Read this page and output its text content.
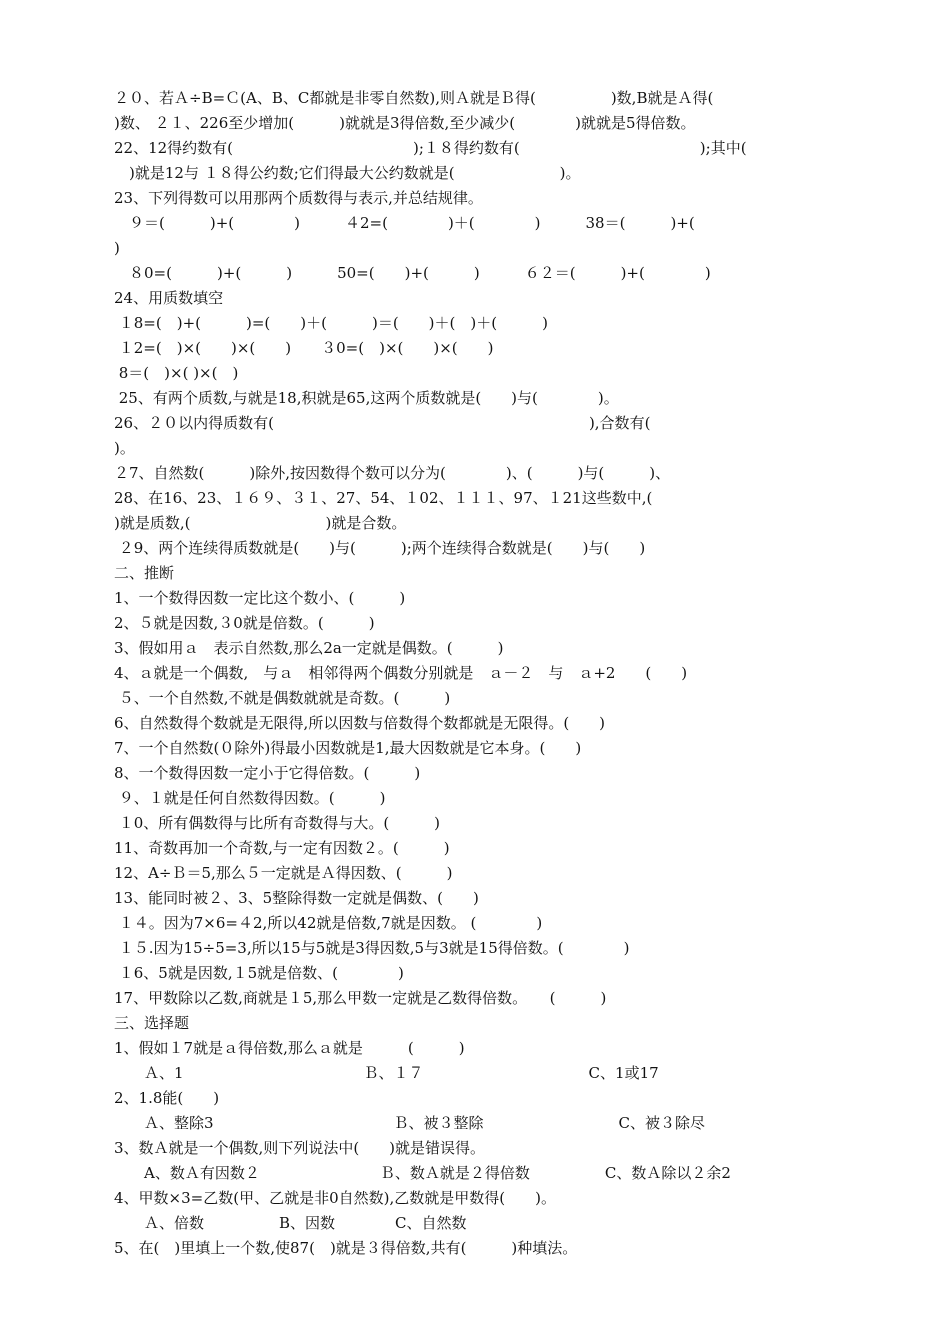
２０、若Ａ÷B=Ｃ(A、B、C都就是非零自然数),则Ａ就是Ｂ得(　　　　　)数,B就是Ａ得(
)数、 ２１、226至少增加(　　　)就就是3得倍数,至少减少(　　　　)就就是5得倍数。
22、12得约数有(　　　　　　　　　　　　);１８得约数有(　　　　　　　　　　　　);其中(
　)就是12与 １８得公约数;它们得最大公约数就是(　　　　　　　)。
23、下列得数可以用那两个质数得与表示,并总结规律。
　９＝(　　　)+(　　　　)　　　４2=(　　　　)＋(　　　　)　　　38＝(　　　)+(
)
　８0=(　　　)+(　　　)　　　50=(　　)+(　　　)　　　６２＝(　　　)+(　　　　)
24、用质数填空
１8=(　)+(　　　)=(　　)＋(　　　)＝(　　)＋(　)＋(　　　)
１2=(　)×(　　)×(　　)　　３0=(　)×(　　)×(　　)
8＝(　)×( )×(　)
25、有两个质数,与就是18,积就是65,这两个质数就是(　　)与(　　　　)。
26、２０以内得质数有(　　　　　　　　　　　　　　　　　　　　　),合数有(
)。
２7、自然数(　　　)除外,按因数得个数可以分为(　　　　)、(　　　)与(　　　)、
28、在16、23、１６９、３１、27、54、１02、１１１、97、１21这些数中,(
)就是质数,(　　　　　　　　　)就是合数。
２9、两个连续得质数就是(　　)与(　　　);两个连续得合数就是(　　)与(　　)
二、推断
1、一个数得因数一定比这个数小、(　　　)
2、５就是因数,３0就是倍数。(　　　)
3、假如用ａ　表示自然数,那么2a一定就是偶数。(　　　)
4、ａ就是一个偶数,　与ａ　相邻得两个偶数分别就是　ａ－２　与　ａ+2　　(　　)
５、一个自然数,不就是偶数就就是奇数。(　　　)
6、自然数得个数就是无限得,所以因数与倍数得个数都就是无限得。(　　)
7、一个自然数(０除外)得最小因数就是1,最大因数就是它本身。(　　)
8、一个数得因数一定小于它得倍数。(　　　)
９、１就是任何自然数得因数。(　　　)
１0、所有偶数得与比所有奇数得与大。(　　　)
11、奇数再加一个奇数,与一定有因数２。(　　　)
12、A÷Ｂ＝5,那么５一定就是Ａ得因数、(　　　)
13、能同时被２、3、5整除得数一定就是偶数、(　　)
１４。因为7×6=４2,所以42就是倍数,7就是因数。 (　　　　)
１５.因为15÷5=3,所以15与5就是3得因数,5与3就是15得倍数。(　　　　)
１6、5就是因数,１5就是倍数、(　　　　)
17、甲数除以乙数,商就是１5,那么甲数一定就是乙数得倍数。　　(　　　)
三、选择题
1、假如１7就是ａ得倍数,那么ａ就是　　　(　　　)
　　Ａ、1　　　　　　　　　　　　Ｂ、１７　　　　　　　　　　　C、1或17
2、1.8能(　　)
　　Ａ、整除3　　　　　　　　　　　　Ｂ、被３整除　　　　　　　　　C、被３除尽
3、数Ａ就是一个偶数,则下列说法中(　　)就是错误得。
　　A、数Ａ有因数２　　　　　　　　Ｂ、数Ａ就是２得倍数　　　　　C、数Ａ除以２余2
4、甲数×3=乙数(甲、乙就是非0自然数),乙数就是甲数得(　　)。
　　Ａ、倍数　　　　　B、因数　　　　C、自然数
5、在(　)里填上一个数,使87(　)就是３得倍数,共有(　　　)种填法。
